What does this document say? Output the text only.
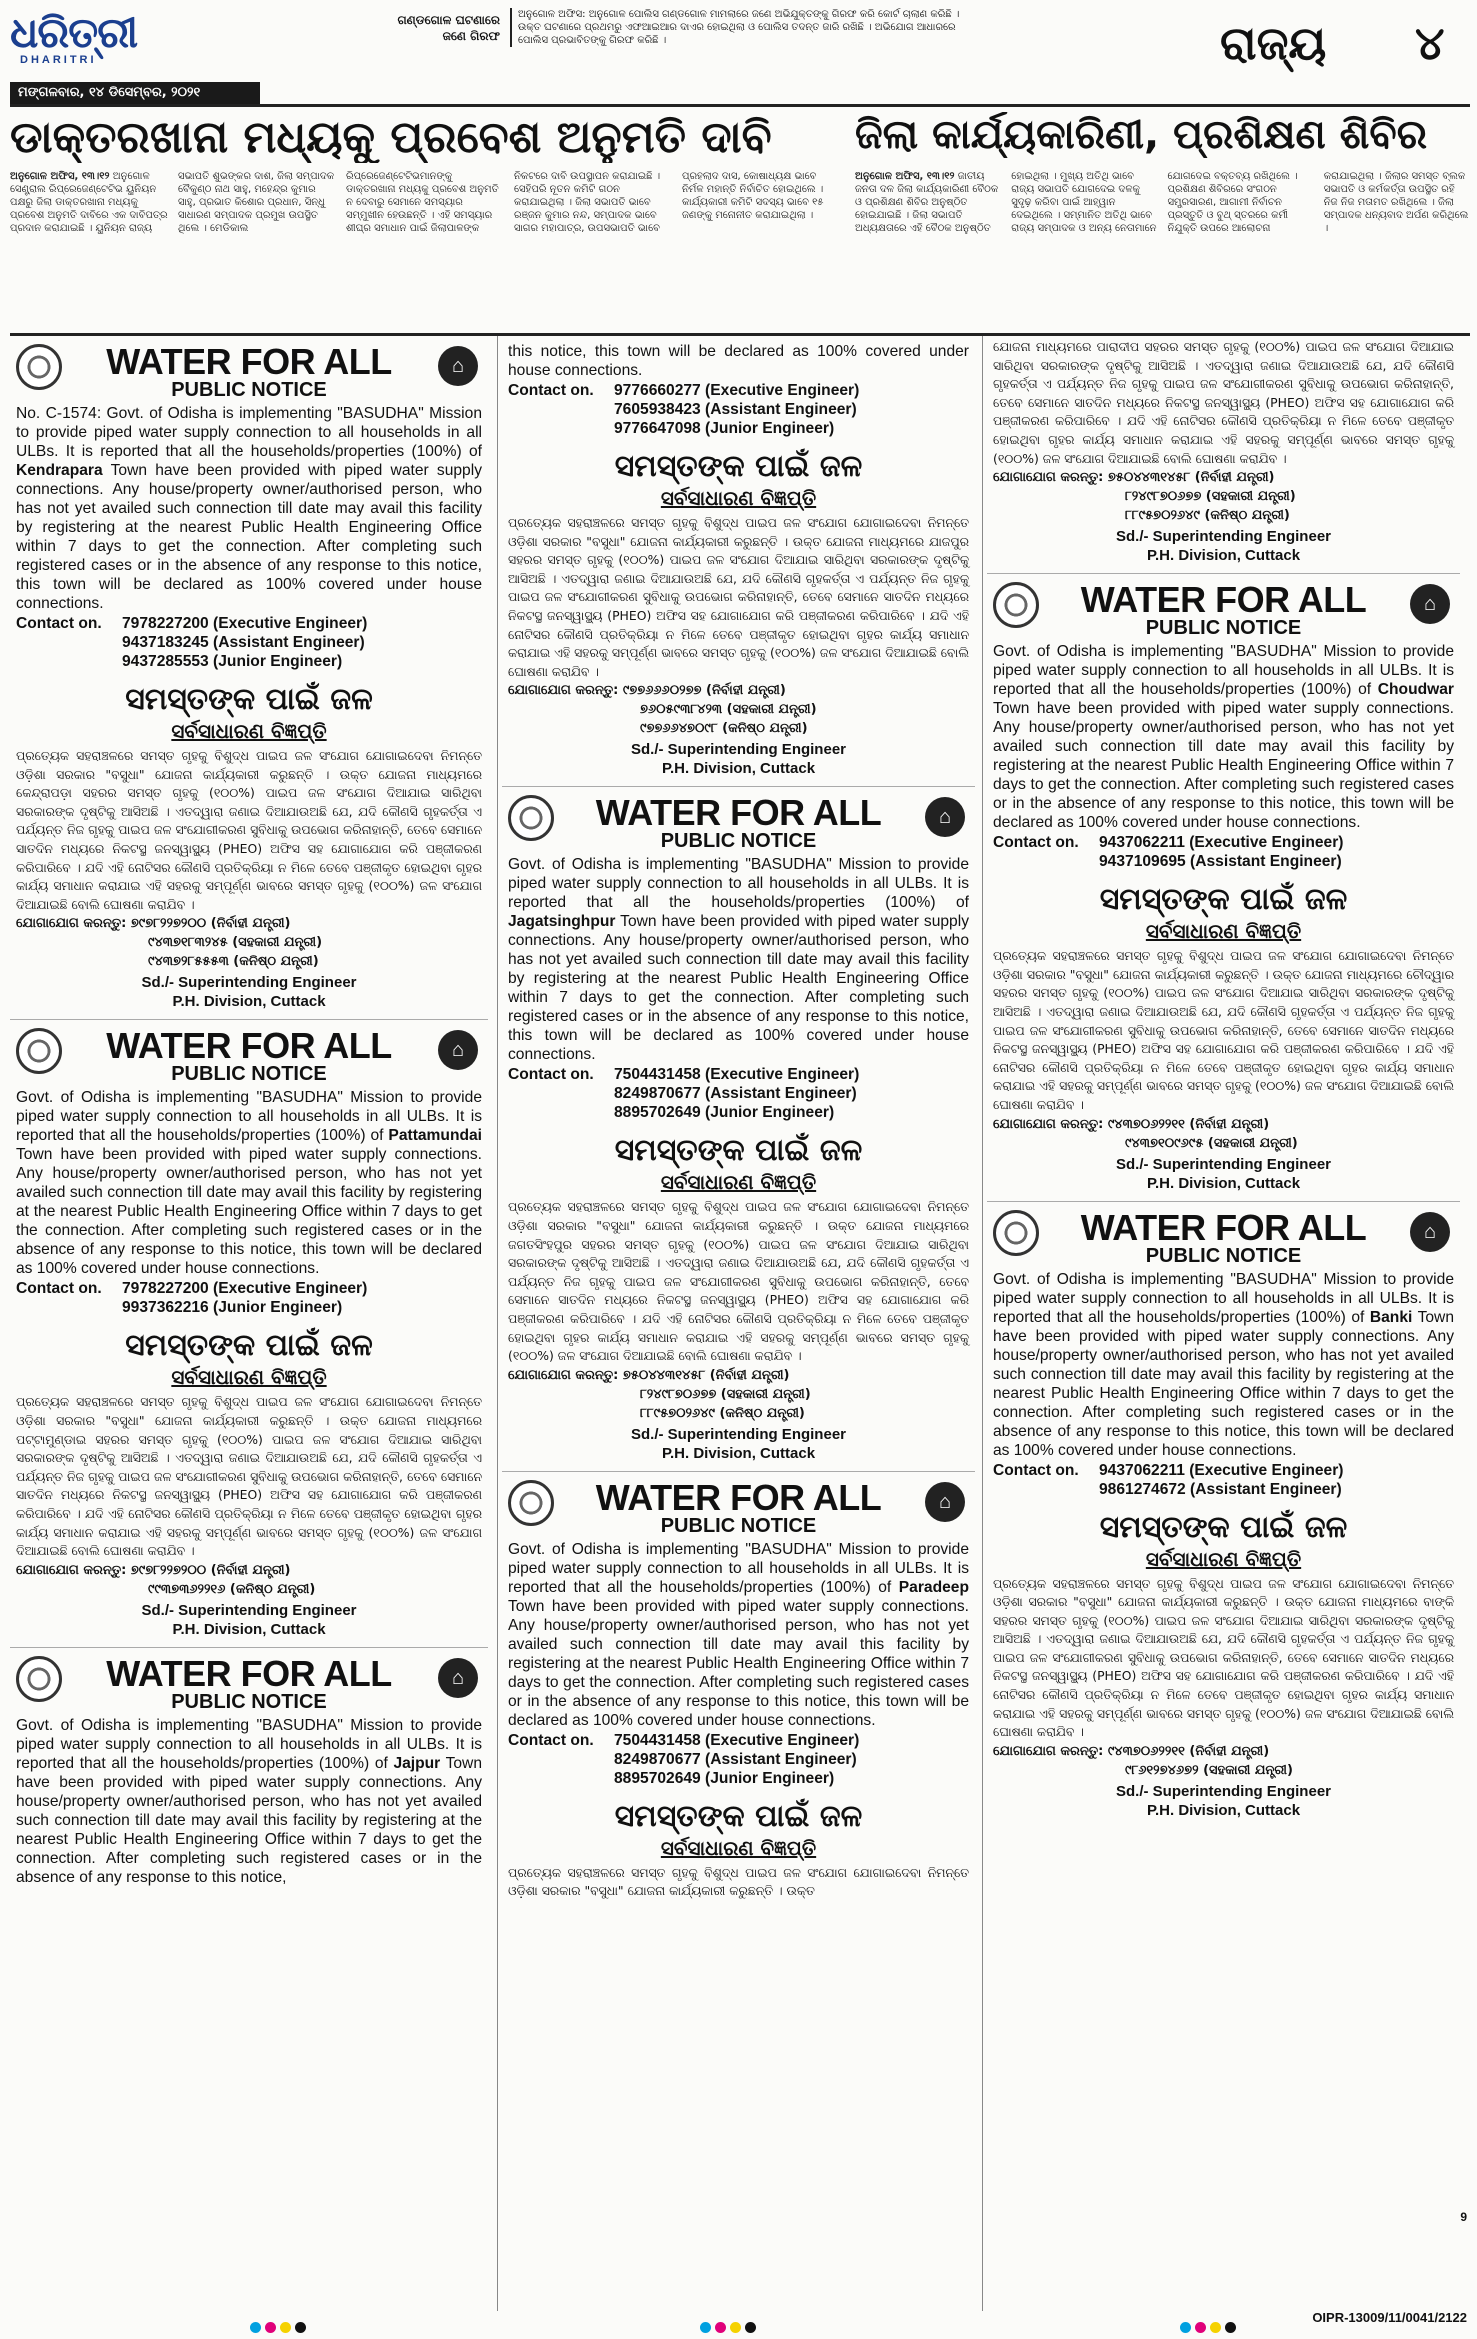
ଧରିତ୍ରୀ
DHARITRI
ମଙ୍ଗଳବାର, ୧୪ ଡିସେମ୍ବର, ୨୦୨୧
ଗଣ୍ଡଗୋଳ ଘଟଣାରେ ଜଣେ ଗିରଫ
ଅନୁଗୋଳ ଅଫିସ: ଅନୁଗୋଳ ପୋଲିସ ଗଣ୍ଡଗୋଳ ମାମଲାରେ ଜଣେ ଅଭିଯୁକ୍ତଙ୍କୁ ଗିରଫ କରି କୋର୍ଟ ଚାଲାଣ କରିଛି । ଉକ୍ତ ଘଟଣାରେ ପ୍ରଥମରୁ ଏଫଆଇଆର ଦାଏର ହୋଇଥିଲା ଓ ପୋଲିସ ତଦନ୍ତ ଜାରି ରଖିଛି । ଅଭିଯୋଗ ଆଧାରରେ ପୋଲିସ ପ୍ରଭାବିତଙ୍କୁ ଗିରଫ କରିଛି ।	ରାଜ୍ୟ ୪
ଡାକ୍ତରଖାନା ମଧ୍ୟକୁ ପ୍ରବେଶ ଅନୁମତି ଦାବି	ଜିଲା କାର୍ଯ୍ୟକାରିଣୀ, ପ୍ରଶିକ୍ଷଣ ଶିବିର
ଅନୁଗୋଳ ଅଫିସ, ୧୩।୧୨ ଅନୁଗୋଳ ସେଣ୍ଟ୍ରାଲ ରିପ୍ରେଜେଣ୍ଟେଟିଭ ୟୁନିୟନ ପକ୍ଷରୁ ଜିଲା ଡାକ୍ତରଖାନା ମଧ୍ୟକୁ ପ୍ରବେଶ ଅନୁମତି ଦାବିରେ ଏକ ଦାବିପତ୍ର ପ୍ରଦାନ କରାଯାଇଛି । ୟୁନିୟନ ରାଜ୍ୟ ସଭାପତି ଶୁଭଙ୍କର ଦାଶ, ଜିଲା ସମ୍ପାଦକ ବୈକୁଣ୍ଠ ନାଥ ସାହୁ, ମହେନ୍ଦ୍ର କୁମାର ସାହୁ, ପ୍ରଭାତ କିଶୋର ପ୍ରଧାନ, ସିନ୍ଧୁ ସାଧାରଣ ସମ୍ପାଦକ ପ୍ରମୁଖ ଉପସ୍ଥିତ ଥିଲେ । ମେଡିକାଲ ରିପ୍ରେଜେଣ୍ଟେଟିଭମାନଙ୍କୁ ଡାକ୍ତରଖାନା ମଧ୍ୟକୁ ପ୍ରବେଶ ଅନୁମତି ନ ଦେବାରୁ ସେମାନେ ସମସ୍ୟାର ସମ୍ମୁଖୀନ ହେଉଛନ୍ତି । ଏହି ସମସ୍ୟାର ଶୀଘ୍ର ସମାଧାନ ପାଇଁ ଜିଲାପାଳଙ୍କ ନିକଟରେ ଦାବି ଉପସ୍ଥାପନ କରାଯାଇଛି । ସେହିପରି ନୂତନ କମିଟି ଗଠନ କରାଯାଇଥିଲା । ଜିଲା ସଭାପତି ଭାବେ ରଞ୍ଜନ କୁମାର ନନ୍ଦ, ସମ୍ପାଦକ ଭାବେ ସାଗର ମହାପାତ୍ର, ଉପସଭାପତି ଭାବେ ପ୍ରହଲାଦ ଦାସ, କୋଷାଧ୍ୟକ୍ଷ ଭାବେ ନିର୍ମଳ ମହାନ୍ତି ନିର୍ବାଚିତ ହୋଇଥିଲେ । କାର୍ଯ୍ୟକାରୀ କମିଟି ସଦସ୍ୟ ଭାବେ ୧୫ ଜଣଙ୍କୁ ମନୋନୀତ କରାଯାଇଥିଲା ।
ଅନୁଗୋଳ ଅଫିସ, ୧୩।୧୨ ଜାତୀୟ ଜନତା ଦଳ ଜିଲା କାର୍ଯ୍ୟକାରିଣୀ ବୈଠକ ଓ ପ୍ରଶିକ୍ଷଣ ଶିବିର ଅନୁଷ୍ଠିତ ହୋଇଯାଇଛି । ଜିଲା ସଭାପତି ଅଧ୍ୟକ୍ଷତାରେ ଏହି ବୈଠକ ଅନୁଷ୍ଠିତ ହୋଇଥିଲା । ମୁଖ୍ୟ ଅତିଥି ଭାବେ ରାଜ୍ୟ ସଭାପତି ଯୋଗଦେଇ ଦଳକୁ ସୁଦୃଢ଼ କରିବା ପାଇଁ ଆହ୍ୱାନ ଦେଇଥିଲେ । ସମ୍ମାନିତ ଅତିଥି ଭାବେ ରାଜ୍ୟ ସମ୍ପାଦକ ଓ ଅନ୍ୟ ନେତାମାନେ ଯୋଗଦେଇ ବକ୍ତବ୍ୟ ରଖିଥିଲେ । ପ୍ରଶିକ୍ଷଣ ଶିବିରରେ ସଂଗଠନ ସମ୍ପ୍ରସାରଣ, ଆଗାମୀ ନିର୍ବାଚନ ପ୍ରସ୍ତୁତି ଓ ବୁଥ୍ ସ୍ତରରେ କର୍ମୀ ନିଯୁକ୍ତି ଉପରେ ଆଲୋଚନା କରାଯାଇଥିଲା । ଜିଲାର ସମସ୍ତ ବ୍ଲକ ସଭାପତି ଓ କର୍ମକର୍ତ୍ତା ଉପସ୍ଥିତ ରହି ନିଜ ନିଜ ମତାମତ ରଖିଥିଲେ । ଜିଲା ସମ୍ପାଦକ ଧନ୍ୟବାଦ ଅର୍ପଣ କରିଥିଲେ ।
WATER FOR ALL
PUBLIC NOTICE
⌂
No. C-1574: Govt. of Odisha is implementing "BASUDHA" Mission to provide piped water supply connection to all households in all ULBs. It is reported that all the households/properties (100%) of Kendrapara Town have been provided with piped water supply connections. Any house/property owner/authorised person, who has not yet availed such connection till date may avail this facility by registering at the nearest Public Health Engineering Office within 7 days to get the connection. After completing such registered cases or in the absence of any response to this notice, this town will be declared as 100% covered under house connections.
Contact on. 7978227200 (Executive Engineer)
9437183245 (Assistant Engineer)
9437285553 (Junior Engineer)
ସମସ୍ତଙ୍କ ପାଇଁ ଜଳ
ସର୍ବସାଧାରଣ ବିଜ୍ଞପ୍ତି
ପ୍ରତ୍ୟେକ ସହରାଞ୍ଚଳରେ ସମସ୍ତ ଗୃହକୁ ବିଶୁଦ୍ଧ ପାଇପ ଜଳ ସଂଯୋଗ ଯୋଗାଇଦେବା ନିମନ୍ତେ ଓଡ଼ିଶା ସରକାର "ବସୁଧା" ଯୋଜନା କାର୍ଯ୍ୟକାରୀ କରୁଛନ୍ତି । ଉକ୍ତ ଯୋଜନା ମାଧ୍ୟମରେ କେନ୍ଦ୍ରାପଡ଼ା ସହରର ସମସ୍ତ ଗୃହକୁ (୧୦୦%) ପାଇପ ଜଳ ସଂଯୋଗ ଦିଆଯାଇ ସାରିଥିବା ସରକାରଙ୍କ ଦୃଷ୍ଟିକୁ ଆସିଅଛି । ଏତଦ୍ୱାରା ଜଣାଇ ଦିଆଯାଉଅଛି ଯେ, ଯଦି କୌଣସି ଗୃହକର୍ତ୍ତା ଏ ପର୍ଯ୍ୟନ୍ତ ନିଜ ଗୃହକୁ ପାଇପ ଜଳ ସଂଯୋଗୀକରଣ ସୁବିଧାକୁ ଉପଭୋଗ କରିନାହାନ୍ତି, ତେବେ ସେମାନେ ସାତଦିନ ମଧ୍ୟରେ ନିକଟସ୍ଥ ଜନସ୍ୱାସ୍ଥ୍ୟ (PHEO) ଅଫିସ ସହ ଯୋଗାଯୋଗ କରି ପଞ୍ଜୀକରଣ କରିପାରିବେ । ଯଦି ଏହି ନୋଟିସର କୌଣସି ପ୍ରତିକ୍ରିୟା ନ ମିଳେ ତେବେ ପଞ୍ଜୀକୃତ ହୋଇଥିବା ଗୃହର କାର୍ଯ୍ୟ ସମାଧାନ କରାଯାଇ ଏହି ସହରକୁ ସମ୍ପୂର୍ଣ୍ଣ ଭାବରେ ସମସ୍ତ ଗୃହକୁ (୧୦୦%) ଜଳ ସଂଯୋଗ ଦିଆଯାଇଛି ବୋଲି ଘୋଷଣା କରାଯିବ ।
ଯୋଗାଯୋଗ କରନ୍ତୁ: ୭୯୭୮୨୨୭୨୦୦ (ନିର୍ବାହୀ ଯନ୍ତ୍ରୀ)
୯୪୩୭୧୮୩୨୪୫ (ସହକାରୀ ଯନ୍ତ୍ରୀ)
୯୪୩୭୨୮୫୫୫୩ (କନିଷ୍ଠ ଯନ୍ତ୍ରୀ)
Sd./- Superintending Engineer
P.H. Division, Cuttack
WATER FOR ALL
PUBLIC NOTICE
⌂
Govt. of Odisha is implementing "BASUDHA" Mission to provide piped water supply connection to all households in all ULBs. It is reported that all the households/properties (100%) of Pattamundai Town have been provided with piped water supply connections. Any house/property owner/authorised person, who has not yet availed such connection till date may avail this facility by registering at the nearest Public Health Engineering Office within 7 days to get the connection. After completing such registered cases or in the absence of any response to this notice, this town will be declared as 100% covered under house connections.
Contact on. 7978227200 (Executive Engineer)
9937362216 (Junior Engineer)
ସମସ୍ତଙ୍କ ପାଇଁ ଜଳ
ସର୍ବସାଧାରଣ ବିଜ୍ଞପ୍ତି
ପ୍ରତ୍ୟେକ ସହରାଞ୍ଚଳରେ ସମସ୍ତ ଗୃହକୁ ବିଶୁଦ୍ଧ ପାଇପ ଜଳ ସଂଯୋଗ ଯୋଗାଇଦେବା ନିମନ୍ତେ ଓଡ଼ିଶା ସରକାର "ବସୁଧା" ଯୋଜନା କାର୍ଯ୍ୟକାରୀ କରୁଛନ୍ତି । ଉକ୍ତ ଯୋଜନା ମାଧ୍ୟମରେ ପଟ୍ଟାମୁଣ୍ଡାଇ ସହରର ସମସ୍ତ ଗୃହକୁ (୧୦୦%) ପାଇପ ଜଳ ସଂଯୋଗ ଦିଆଯାଇ ସାରିଥିବା ସରକାରଙ୍କ ଦୃଷ୍ଟିକୁ ଆସିଅଛି । ଏତଦ୍ୱାରା ଜଣାଇ ଦିଆଯାଉଅଛି ଯେ, ଯଦି କୌଣସି ଗୃହକର୍ତ୍ତା ଏ ପର୍ଯ୍ୟନ୍ତ ନିଜ ଗୃହକୁ ପାଇପ ଜଳ ସଂଯୋଗୀକରଣ ସୁବିଧାକୁ ଉପଭୋଗ କରିନାହାନ୍ତି, ତେବେ ସେମାନେ ସାତଦିନ ମଧ୍ୟରେ ନିକଟସ୍ଥ ଜନସ୍ୱାସ୍ଥ୍ୟ (PHEO) ଅଫିସ ସହ ଯୋଗାଯୋଗ କରି ପଞ୍ଜୀକରଣ କରିପାରିବେ । ଯଦି ଏହି ନୋଟିସର କୌଣସି ପ୍ରତିକ୍ରିୟା ନ ମିଳେ ତେବେ ପଞ୍ଜୀକୃତ ହୋଇଥିବା ଗୃହର କାର୍ଯ୍ୟ ସମାଧାନ କରାଯାଇ ଏହି ସହରକୁ ସମ୍ପୂର୍ଣ୍ଣ ଭାବରେ ସମସ୍ତ ଗୃହକୁ (୧୦୦%) ଜଳ ସଂଯୋଗ ଦିଆଯାଇଛି ବୋଲି ଘୋଷଣା କରାଯିବ ।
ଯୋଗାଯୋଗ କରନ୍ତୁ: ୭୯୭୮୨୨୭୨୦୦ (ନିର୍ବାହୀ ଯନ୍ତ୍ରୀ)
୯୯୩୭୩୬୨୨୧୬ (କନିଷ୍ଠ ଯନ୍ତ୍ରୀ)
Sd./- Superintending Engineer
P.H. Division, Cuttack
WATER FOR ALL
PUBLIC NOTICE
⌂
Govt. of Odisha is implementing "BASUDHA" Mission to provide piped water supply connection to all households in all ULBs. It is reported that all the households/properties (100%) of Jajpur Town have been provided with piped water supply connections. Any house/property owner/authorised person, who has not yet availed such connection till date may avail this facility by registering at the nearest Public Health Engineering Office within 7 days to get the connection. After completing such registered cases or in the absence of any response to this notice,
this notice, this town will be declared as 100% covered under house connections.
Contact on. 9776660277 (Executive Engineer)
7605938423 (Assistant Engineer)
9776647098 (Junior Engineer)
ସମସ୍ତଙ୍କ ପାଇଁ ଜଳ
ସର୍ବସାଧାରଣ ବିଜ୍ଞପ୍ତି
ପ୍ରତ୍ୟେକ ସହରାଞ୍ଚଳରେ ସମସ୍ତ ଗୃହକୁ ବିଶୁଦ୍ଧ ପାଇପ ଜଳ ସଂଯୋଗ ଯୋଗାଇଦେବା ନିମନ୍ତେ ଓଡ଼ିଶା ସରକାର "ବସୁଧା" ଯୋଜନା କାର୍ଯ୍ୟକାରୀ କରୁଛନ୍ତି । ଉକ୍ତ ଯୋଜନା ମାଧ୍ୟମରେ ଯାଜପୁର ସହରର ସମସ୍ତ ଗୃହକୁ (୧୦୦%) ପାଇପ ଜଳ ସଂଯୋଗ ଦିଆଯାଇ ସାରିଥିବା ସରକାରଙ୍କ ଦୃଷ୍ଟିକୁ ଆସିଅଛି । ଏତଦ୍ୱାରା ଜଣାଇ ଦିଆଯାଉଅଛି ଯେ, ଯଦି କୌଣସି ଗୃହକର୍ତ୍ତା ଏ ପର୍ଯ୍ୟନ୍ତ ନିଜ ଗୃହକୁ ପାଇପ ଜଳ ସଂଯୋଗୀକରଣ ସୁବିଧାକୁ ଉପଭୋଗ କରିନାହାନ୍ତି, ତେବେ ସେମାନେ ସାତଦିନ ମଧ୍ୟରେ ନିକଟସ୍ଥ ଜନସ୍ୱାସ୍ଥ୍ୟ (PHEO) ଅଫିସ ସହ ଯୋଗାଯୋଗ କରି ପଞ୍ଜୀକରଣ କରିପାରିବେ । ଯଦି ଏହି ନୋଟିସର କୌଣସି ପ୍ରତିକ୍ରିୟା ନ ମିଳେ ତେବେ ପଞ୍ଜୀକୃତ ହୋଇଥିବା ଗୃହର କାର୍ଯ୍ୟ ସମାଧାନ କରାଯାଇ ଏହି ସହରକୁ ସମ୍ପୂର୍ଣ୍ଣ ଭାବରେ ସମସ୍ତ ଗୃହକୁ (୧୦୦%) ଜଳ ସଂଯୋଗ ଦିଆଯାଇଛି ବୋଲି ଘୋଷଣା କରାଯିବ ।
ଯୋଗାଯୋଗ କରନ୍ତୁ: ୯୭୭୬୬୬୦୨୭୭ (ନିର୍ବାହୀ ଯନ୍ତ୍ରୀ)
୭୬୦୫୯୩୮୪୨୩ (ସହକାରୀ ଯନ୍ତ୍ରୀ)
୯୭୭୬୬୪୭୦୯୮ (କନିଷ୍ଠ ଯନ୍ତ୍ରୀ)
Sd./- Superintending Engineer
P.H. Division, Cuttack
WATER FOR ALL
PUBLIC NOTICE
⌂
Govt. of Odisha is implementing "BASUDHA" Mission to provide piped water supply connection to all households in all ULBs. It is reported that all the households/properties (100%) of Jagatsinghpur Town have been provided with piped water supply connections. Any house/property owner/authorised person, who has not yet availed such connection till date may avail this facility by registering at the nearest Public Health Engineering Office within 7 days to get the connection. After completing such registered cases or in the absence of any response to this notice, this town will be declared as 100% covered under house connections.
Contact on. 7504431458 (Executive Engineer)
8249870677 (Assistant Engineer)
8895702649 (Junior Engineer)
ସମସ୍ତଙ୍କ ପାଇଁ ଜଳ
ସର୍ବସାଧାରଣ ବିଜ୍ଞପ୍ତି
ପ୍ରତ୍ୟେକ ସହରାଞ୍ଚଳରେ ସମସ୍ତ ଗୃହକୁ ବିଶୁଦ୍ଧ ପାଇପ ଜଳ ସଂଯୋଗ ଯୋଗାଇଦେବା ନିମନ୍ତେ ଓଡ଼ିଶା ସରକାର "ବସୁଧା" ଯୋଜନା କାର୍ଯ୍ୟକାରୀ କରୁଛନ୍ତି । ଉକ୍ତ ଯୋଜନା ମାଧ୍ୟମରେ ଜଗତସିଂହପୁର ସହରର ସମସ୍ତ ଗୃହକୁ (୧୦୦%) ପାଇପ ଜଳ ସଂଯୋଗ ଦିଆଯାଇ ସାରିଥିବା ସରକାରଙ୍କ ଦୃଷ୍ଟିକୁ ଆସିଅଛି । ଏତଦ୍ୱାରା ଜଣାଇ ଦିଆଯାଉଅଛି ଯେ, ଯଦି କୌଣସି ଗୃହକର୍ତ୍ତା ଏ ପର୍ଯ୍ୟନ୍ତ ନିଜ ଗୃହକୁ ପାଇପ ଜଳ ସଂଯୋଗୀକରଣ ସୁବିଧାକୁ ଉପଭୋଗ କରିନାହାନ୍ତି, ତେବେ ସେମାନେ ସାତଦିନ ମଧ୍ୟରେ ନିକଟସ୍ଥ ଜନସ୍ୱାସ୍ଥ୍ୟ (PHEO) ଅଫିସ ସହ ଯୋଗାଯୋଗ କରି ପଞ୍ଜୀକରଣ କରିପାରିବେ । ଯଦି ଏହି ନୋଟିସର କୌଣସି ପ୍ରତିକ୍ରିୟା ନ ମିଳେ ତେବେ ପଞ୍ଜୀକୃତ ହୋଇଥିବା ଗୃହର କାର୍ଯ୍ୟ ସମାଧାନ କରାଯାଇ ଏହି ସହରକୁ ସମ୍ପୂର୍ଣ୍ଣ ଭାବରେ ସମସ୍ତ ଗୃହକୁ (୧୦୦%) ଜଳ ସଂଯୋଗ ଦିଆଯାଇଛି ବୋଲି ଘୋଷଣା କରାଯିବ ।
ଯୋଗାଯୋଗ କରନ୍ତୁ: ୭୫୦୪୪୩୧୪୫୮ (ନିର୍ବାହୀ ଯନ୍ତ୍ରୀ)
୮୨୪୯୮୭୦୬୭୭ (ସହକାରୀ ଯନ୍ତ୍ରୀ)
୮୮୯୫୭୦୨୬୪୯ (କନିଷ୍ଠ ଯନ୍ତ୍ରୀ)
Sd./- Superintending Engineer
P.H. Division, Cuttack
WATER FOR ALL
PUBLIC NOTICE
⌂
Govt. of Odisha is implementing "BASUDHA" Mission to provide piped water supply connection to all households in all ULBs. It is reported that all the households/properties (100%) of Paradeep Town have been provided with piped water supply connections. Any house/property owner/authorised person, who has not yet availed such connection till date may avail this facility by registering at the nearest Public Health Engineering Office within 7 days to get the connection. After completing such registered cases or in the absence of any response to this notice, this town will be declared as 100% covered under house connections.
Contact on. 7504431458 (Executive Engineer)
8249870677 (Assistant Engineer)
8895702649 (Junior Engineer)
ସମସ୍ତଙ୍କ ପାଇଁ ଜଳ
ସର୍ବସାଧାରଣ ବିଜ୍ଞପ୍ତି
ପ୍ରତ୍ୟେକ ସହରାଞ୍ଚଳରେ ସମସ୍ତ ଗୃହକୁ ବିଶୁଦ୍ଧ ପାଇପ ଜଳ ସଂଯୋଗ ଯୋଗାଇଦେବା ନିମନ୍ତେ ଓଡ଼ିଶା ସରକାର "ବସୁଧା" ଯୋଜନା କାର୍ଯ୍ୟକାରୀ କରୁଛନ୍ତି । ଉକ୍ତ
ଯୋଜନା ମାଧ୍ୟମରେ ପାରାଦୀପ ସହରର ସମସ୍ତ ଗୃହକୁ (୧୦୦%) ପାଇପ ଜଳ ସଂଯୋଗ ଦିଆଯାଇ ସାରିଥିବା ସରକାରଙ୍କ ଦୃଷ୍ଟିକୁ ଆସିଅଛି । ଏତଦ୍ୱାରା ଜଣାଇ ଦିଆଯାଉଅଛି ଯେ, ଯଦି କୌଣସି ଗୃହକର୍ତ୍ତା ଏ ପର୍ଯ୍ୟନ୍ତ ନିଜ ଗୃହକୁ ପାଇପ ଜଳ ସଂଯୋଗୀକରଣ ସୁବିଧାକୁ ଉପଭୋଗ କରିନାହାନ୍ତି, ତେବେ ସେମାନେ ସାତଦିନ ମଧ୍ୟରେ ନିକଟସ୍ଥ ଜନସ୍ୱାସ୍ଥ୍ୟ (PHEO) ଅଫିସ ସହ ଯୋଗାଯୋଗ କରି ପଞ୍ଜୀକରଣ କରିପାରିବେ । ଯଦି ଏହି ନୋଟିସର କୌଣସି ପ୍ରତିକ୍ରିୟା ନ ମିଳେ ତେବେ ପଞ୍ଜୀକୃତ ହୋଇଥିବା ଗୃହର କାର୍ଯ୍ୟ ସମାଧାନ କରାଯାଇ ଏହି ସହରକୁ ସମ୍ପୂର୍ଣ୍ଣ ଭାବରେ ସମସ୍ତ ଗୃହକୁ (୧୦୦%) ଜଳ ସଂଯୋଗ ଦିଆଯାଇଛି ବୋଲି ଘୋଷଣା କରାଯିବ ।
ଯୋଗାଯୋଗ କରନ୍ତୁ: ୭୫୦୪୪୩୧୪୫୮ (ନିର୍ବାହୀ ଯନ୍ତ୍ରୀ)
୮୨୪୯୮୭୦୬୭୭ (ସହକାରୀ ଯନ୍ତ୍ରୀ)
୮୮୯୫୭୦୨୬୪୯ (କନିଷ୍ଠ ଯନ୍ତ୍ରୀ)
Sd./- Superintending Engineer
P.H. Division, Cuttack
WATER FOR ALL
PUBLIC NOTICE
⌂
Govt. of Odisha is implementing "BASUDHA" Mission to provide piped water supply connection to all households in all ULBs. It is reported that all the households/properties (100%) of Choudwar Town have been provided with piped water supply connections. Any house/property owner/authorised person, who has not yet availed such connection till date may avail this facility by registering at the nearest Public Health Engineering Office within 7 days to get the connection. After completing such registered cases or in the absence of any response to this notice, this town will be declared as 100% covered under house connections.
Contact on. 9437062211 (Executive Engineer)
9437109695 (Assistant Engineer)
ସମସ୍ତଙ୍କ ପାଇଁ ଜଳ
ସର୍ବସାଧାରଣ ବିଜ୍ଞପ୍ତି
ପ୍ରତ୍ୟେକ ସହରାଞ୍ଚଳରେ ସମସ୍ତ ଗୃହକୁ ବିଶୁଦ୍ଧ ପାଇପ ଜଳ ସଂଯୋଗ ଯୋଗାଇଦେବା ନିମନ୍ତେ ଓଡ଼ିଶା ସରକାର "ବସୁଧା" ଯୋଜନା କାର୍ଯ୍ୟକାରୀ କରୁଛନ୍ତି । ଉକ୍ତ ଯୋଜନା ମାଧ୍ୟମରେ ଚୌଦ୍ୱାର ସହରର ସମସ୍ତ ଗୃହକୁ (୧୦୦%) ପାଇପ ଜଳ ସଂଯୋଗ ଦିଆଯାଇ ସାରିଥିବା ସରକାରଙ୍କ ଦୃଷ୍ଟିକୁ ଆସିଅଛି । ଏତଦ୍ୱାରା ଜଣାଇ ଦିଆଯାଉଅଛି ଯେ, ଯଦି କୌଣସି ଗୃହକର୍ତ୍ତା ଏ ପର୍ଯ୍ୟନ୍ତ ନିଜ ଗୃହକୁ ପାଇପ ଜଳ ସଂଯୋଗୀକରଣ ସୁବିଧାକୁ ଉପଭୋଗ କରିନାହାନ୍ତି, ତେବେ ସେମାନେ ସାତଦିନ ମଧ୍ୟରେ ନିକଟସ୍ଥ ଜନସ୍ୱାସ୍ଥ୍ୟ (PHEO) ଅଫିସ ସହ ଯୋଗାଯୋଗ କରି ପଞ୍ଜୀକରଣ କରିପାରିବେ । ଯଦି ଏହି ନୋଟିସର କୌଣସି ପ୍ରତିକ୍ରିୟା ନ ମିଳେ ତେବେ ପଞ୍ଜୀକୃତ ହୋଇଥିବା ଗୃହର କାର୍ଯ୍ୟ ସମାଧାନ କରାଯାଇ ଏହି ସହରକୁ ସମ୍ପୂର୍ଣ୍ଣ ଭାବରେ ସମସ୍ତ ଗୃହକୁ (୧୦୦%) ଜଳ ସଂଯୋଗ ଦିଆଯାଇଛି ବୋଲି ଘୋଷଣା କରାଯିବ ।
ଯୋଗାଯୋଗ କରନ୍ତୁ: ୯୪୩୭୦୬୨୨୧୧ (ନିର୍ବାହୀ ଯନ୍ତ୍ରୀ)
୯୪୩୭୧୦୯୬୯୫ (ସହକାରୀ ଯନ୍ତ୍ରୀ)
Sd./- Superintending Engineer
P.H. Division, Cuttack
WATER FOR ALL
PUBLIC NOTICE
⌂
Govt. of Odisha is implementing "BASUDHA" Mission to provide piped water supply connection to all households in all ULBs. It is reported that all the households/properties (100%) of Banki Town have been provided with piped water supply connections. Any house/property owner/authorised person, who has not yet availed such connection till date may avail this facility by registering at the nearest Public Health Engineering Office within 7 days to get the connection. After completing such registered cases or in the absence of any response to this notice, this town will be declared as 100% covered under house connections.
Contact on. 9437062211 (Executive Engineer)
9861274672 (Assistant Engineer)
ସମସ୍ତଙ୍କ ପାଇଁ ଜଳ
ସର୍ବସାଧାରଣ ବିଜ୍ଞପ୍ତି
ପ୍ରତ୍ୟେକ ସହରାଞ୍ଚଳରେ ସମସ୍ତ ଗୃହକୁ ବିଶୁଦ୍ଧ ପାଇପ ଜଳ ସଂଯୋଗ ଯୋଗାଇଦେବା ନିମନ୍ତେ ଓଡ଼ିଶା ସରକାର "ବସୁଧା" ଯୋଜନା କାର୍ଯ୍ୟକାରୀ କରୁଛନ୍ତି । ଉକ୍ତ ଯୋଜନା ମାଧ୍ୟମରେ ବାଙ୍କି ସହରର ସମସ୍ତ ଗୃହକୁ (୧୦୦%) ପାଇପ ଜଳ ସଂଯୋଗ ଦିଆଯାଇ ସାରିଥିବା ସରକାରଙ୍କ ଦୃଷ୍ଟିକୁ ଆସିଅଛି । ଏତଦ୍ୱାରା ଜଣାଇ ଦିଆଯାଉଅଛି ଯେ, ଯଦି କୌଣସି ଗୃହକର୍ତ୍ତା ଏ ପର୍ଯ୍ୟନ୍ତ ନିଜ ଗୃହକୁ ପାଇପ ଜଳ ସଂଯୋଗୀକରଣ ସୁବିଧାକୁ ଉପଭୋଗ କରିନାହାନ୍ତି, ତେବେ ସେମାନେ ସାତଦିନ ମଧ୍ୟରେ ନିକଟସ୍ଥ ଜନସ୍ୱାସ୍ଥ୍ୟ (PHEO) ଅଫିସ ସହ ଯୋଗାଯୋଗ କରି ପଞ୍ଜୀକରଣ କରିପାରିବେ । ଯଦି ଏହି ନୋଟିସର କୌଣସି ପ୍ରତିକ୍ରିୟା ନ ମିଳେ ତେବେ ପଞ୍ଜୀକୃତ ହୋଇଥିବା ଗୃହର କାର୍ଯ୍ୟ ସମାଧାନ କରାଯାଇ ଏହି ସହରକୁ ସମ୍ପୂର୍ଣ୍ଣ ଭାବରେ ସମସ୍ତ ଗୃହକୁ (୧୦୦%) ଜଳ ସଂଯୋଗ ଦିଆଯାଇଛି ବୋଲି ଘୋଷଣା କରାଯିବ ।
ଯୋଗାଯୋଗ କରନ୍ତୁ: ୯୪୩୭୦୬୨୨୧୧ (ନିର୍ବାହୀ ଯନ୍ତ୍ରୀ)
୯୮୬୧୨୭୪୬୭୨ (ସହକାରୀ ଯନ୍ତ୍ରୀ)
Sd./- Superintending Engineer
P.H. Division, Cuttack
OIPR-13009/11/0041/2122
9
